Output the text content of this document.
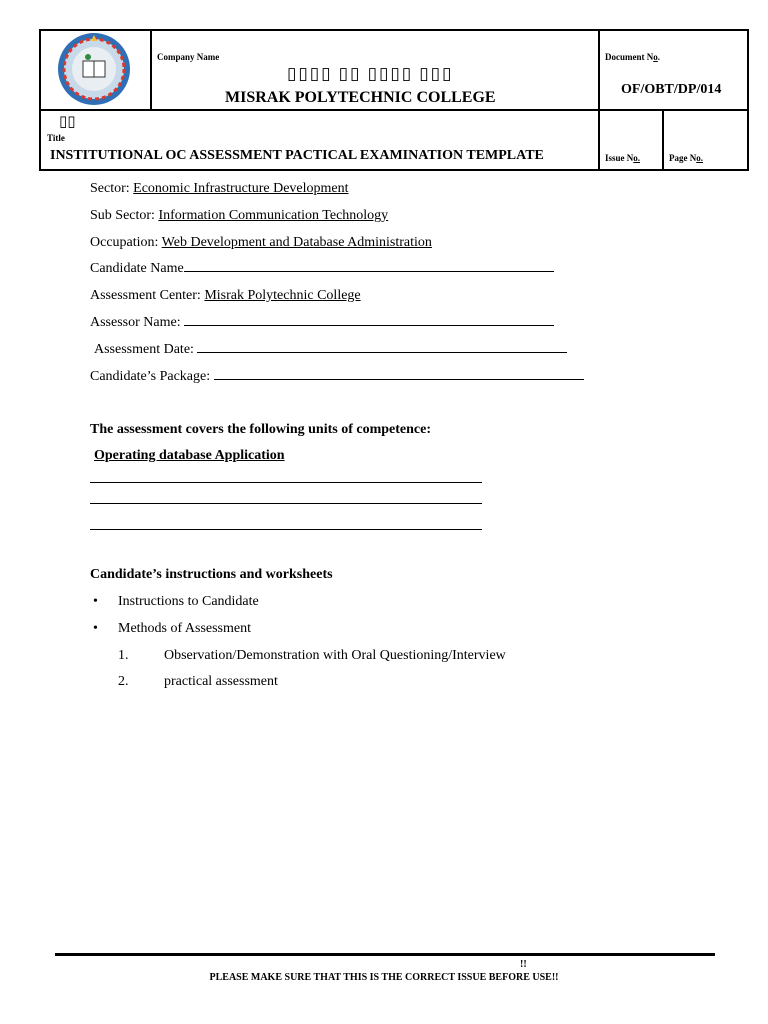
Company Name
▯▯▯▯ ▯▯ ▯▯▯▯ ▯▯▯
MISRAK POLYTECHNIC COLLEGE
Document No.
OF/OBT/DP/014
▯▯
Title
INSTITUTIONAL OC ASSESSMENT PACTICAL EXAMINATION TEMPLATE	Issue No.	Page No.
Sector: Economic Infrastructure Development
Sub Sector: Information Communication Technology
Occupation: Web Development and Database Administration
Candidate Name
Assessment Center: Misrak Polytechnic College
Assessor Name:
Assessment Date:
Candidate’s Package:
The assessment covers the following units of competence:
Operating database Application
Candidate’s instructions and worksheets
• Instructions to Candidate
• Methods of Assessment
1.	Observation/Demonstration with Oral Questioning/Interview
2.	practical assessment
!!
PLEASE MAKE SURE THAT THIS IS THE CORRECT ISSUE BEFORE USE!!
